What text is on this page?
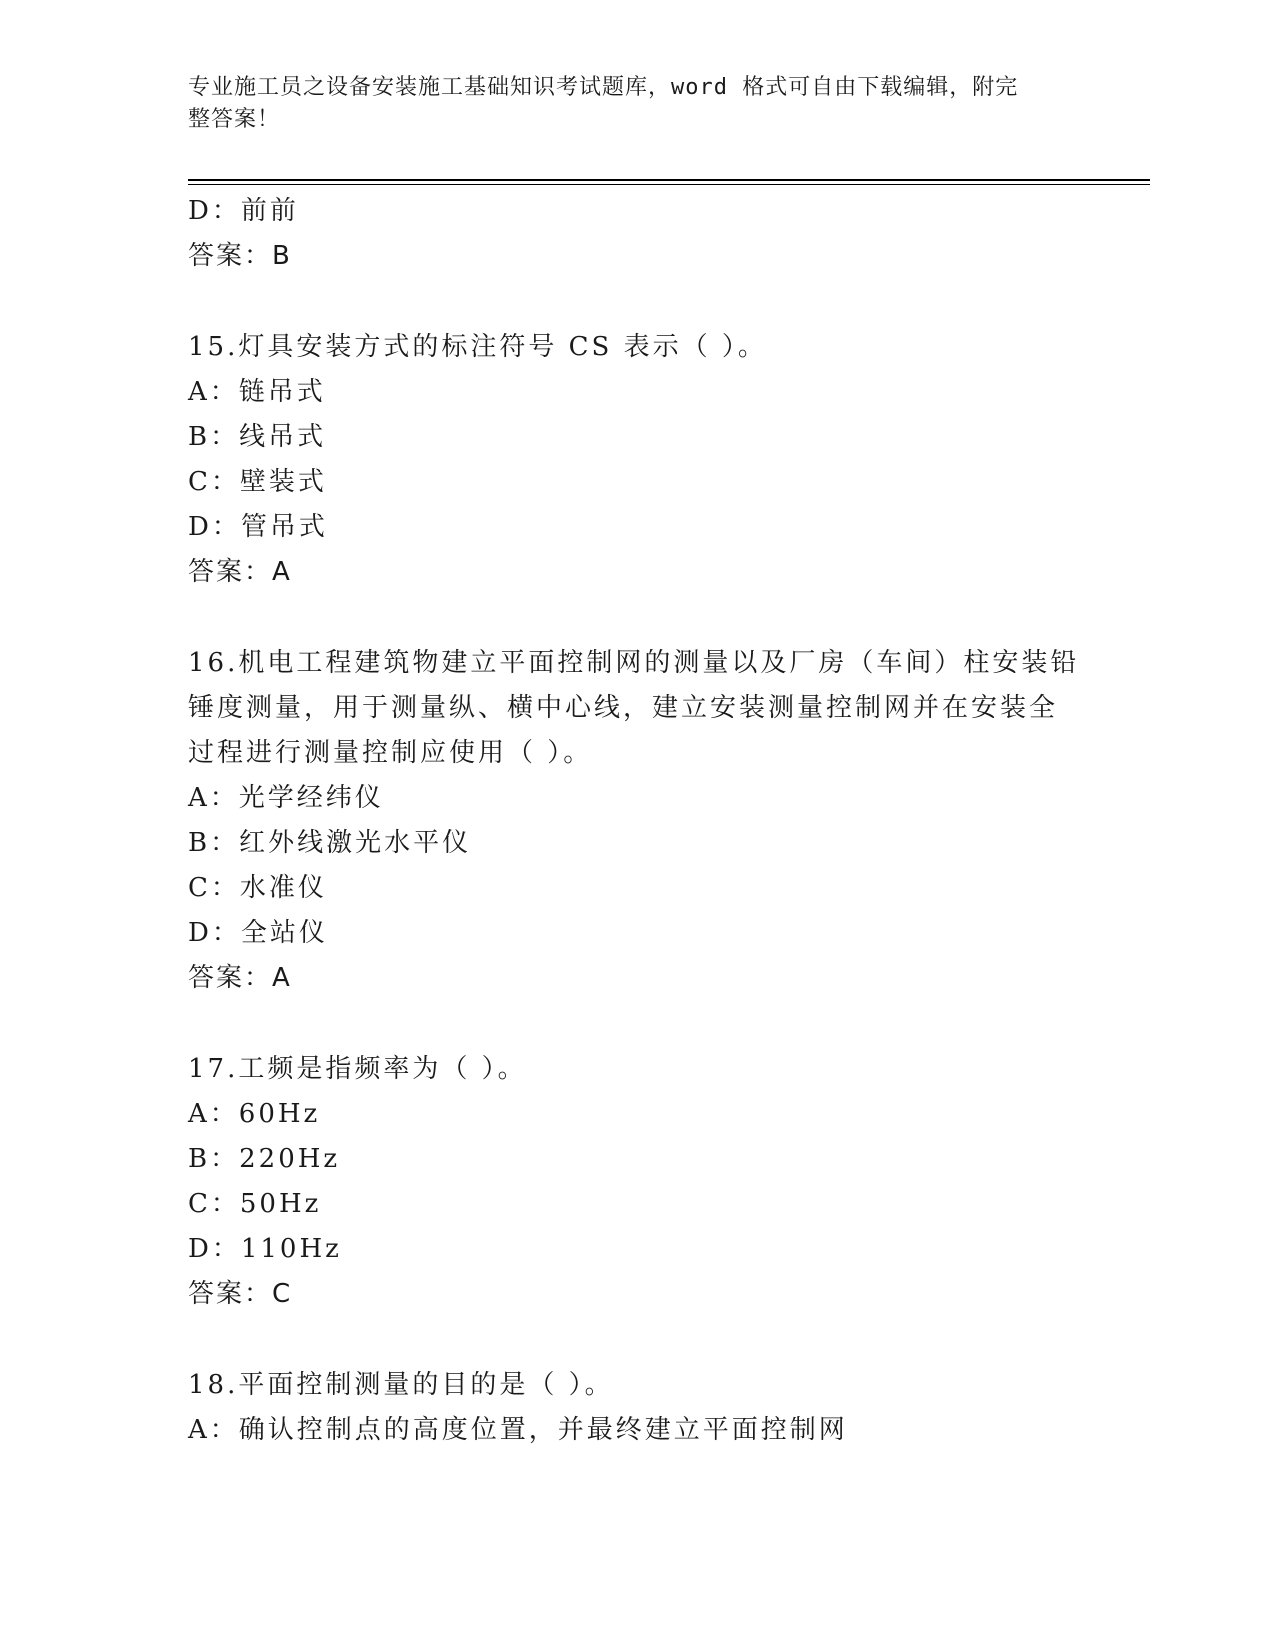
专业施工员之设备安装施工基础知识考试题库，word 格式可自由下载编辑，附完
整答案！
D：前前
答案：B
15.灯具安装方式的标注符号 CS 表示（ ）。
A：链吊式
B：线吊式
C：壁装式
D：管吊式
答案：A
16.机电工程建筑物建立平面控制网的测量以及厂房（车间）柱安装铅
锤度测量，用于测量纵、横中心线，建立安装测量控制网并在安装全
过程进行测量控制应使用（ ）。
A：光学经纬仪
B：红外线激光水平仪
C：水准仪
D：全站仪
答案：A
17.工频是指频率为（ ）。
A：60Hz
B：220Hz
C：50Hz
D：110Hz
答案：C
18.平面控制测量的目的是（ ）。
A：确认控制点的高度位置，并最终建立平面控制网
